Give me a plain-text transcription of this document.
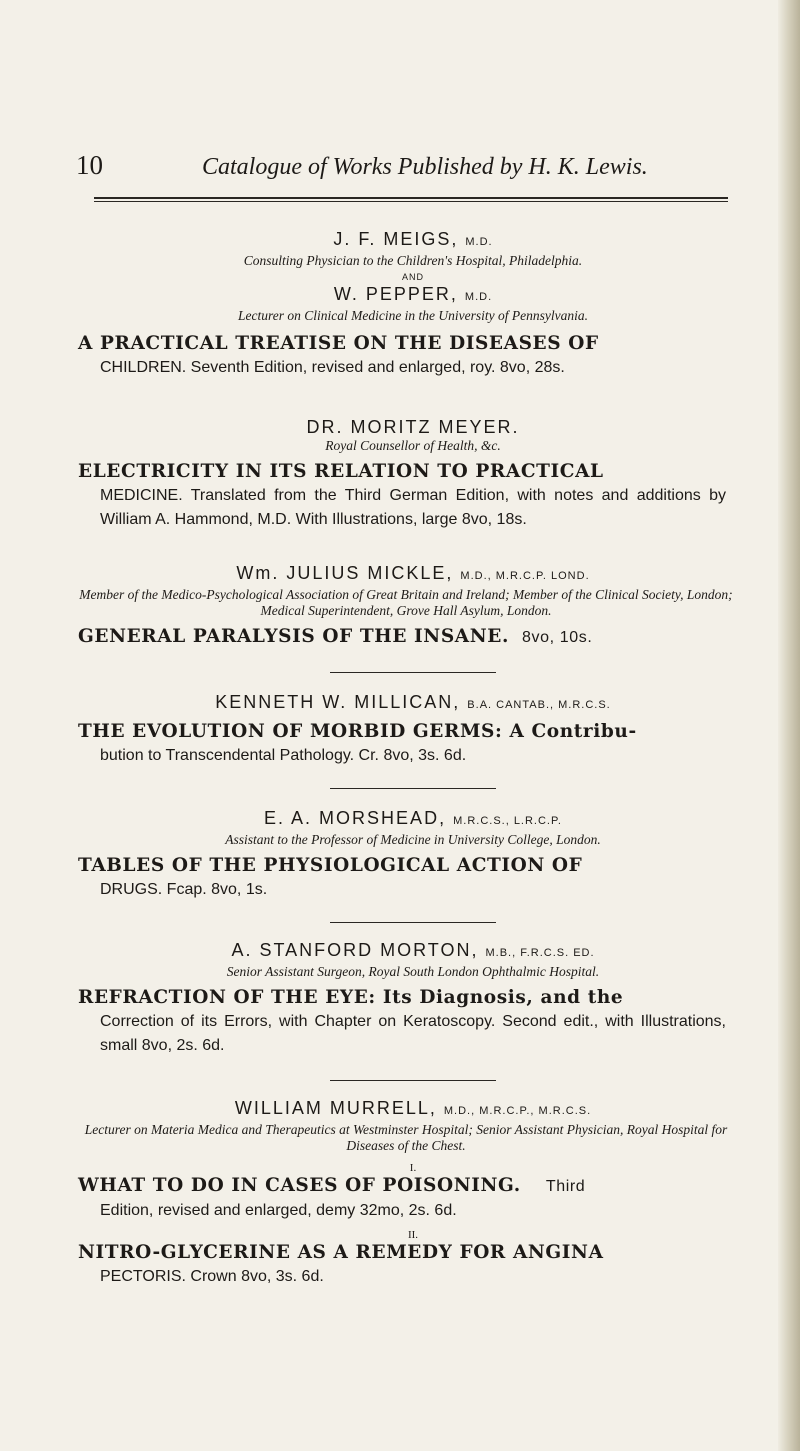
10	Catalogue of Works Published by H. K. Lewis.
J. F. MEIGS, M.D.
Consulting Physician to the Children's Hospital, Philadelphia.
AND
W. PEPPER, M.D.
Lecturer on Clinical Medicine in the University of Pennsylvania.
A PRACTICAL TREATISE ON THE DISEASES OF
CHILDREN. Seventh Edition, revised and enlarged, roy. 8vo, 28s.
DR. MORITZ MEYER.
Royal Counsellor of Health, &c.
ELECTRICITY IN ITS RELATION TO PRACTICAL
MEDICINE. Translated from the Third German Edition, with notes and additions by William A. Hammond, M.D. With Illustrations, large 8vo, 18s.
Wm. JULIUS MICKLE, M.D., M.R.C.P. LOND.
Member of the Medico-Psychological Association of Great Britain and Ireland; Member of the Clinical Society, London; Medical Superintendent, Grove Hall Asylum, London.
GENERAL PARALYSIS OF THE INSANE. 8vo, 10s.
KENNETH W. MILLICAN, B.A. CANTAB., M.R.C.S.
THE EVOLUTION OF MORBID GERMS: A Contribu-
bution to Transcendental Pathology. Cr. 8vo, 3s. 6d.
E. A. MORSHEAD, M.R.C.S., L.R.C.P.
Assistant to the Professor of Medicine in University College, London.
TABLES OF THE PHYSIOLOGICAL ACTION OF
DRUGS. Fcap. 8vo, 1s.
A. STANFORD MORTON, M.B., F.R.C.S. ED.
Senior Assistant Surgeon, Royal South London Ophthalmic Hospital.
REFRACTION OF THE EYE: Its Diagnosis, and the
Correction of its Errors, with Chapter on Keratoscopy. Second edit., with Illustrations, small 8vo, 2s. 6d.
WILLIAM MURRELL, M.D., M.R.C.P., M.R.C.S.
Lecturer on Materia Medica and Therapeutics at Westminster Hospital; Senior Assistant Physician, Royal Hospital for Diseases of the Chest.
I.
WHAT TO DO IN CASES OF POISONING. Third
Edition, revised and enlarged, demy 32mo, 2s. 6d.
II.
NITRO-GLYCERINE AS A REMEDY FOR ANGINA
PECTORIS. Crown 8vo, 3s. 6d.
